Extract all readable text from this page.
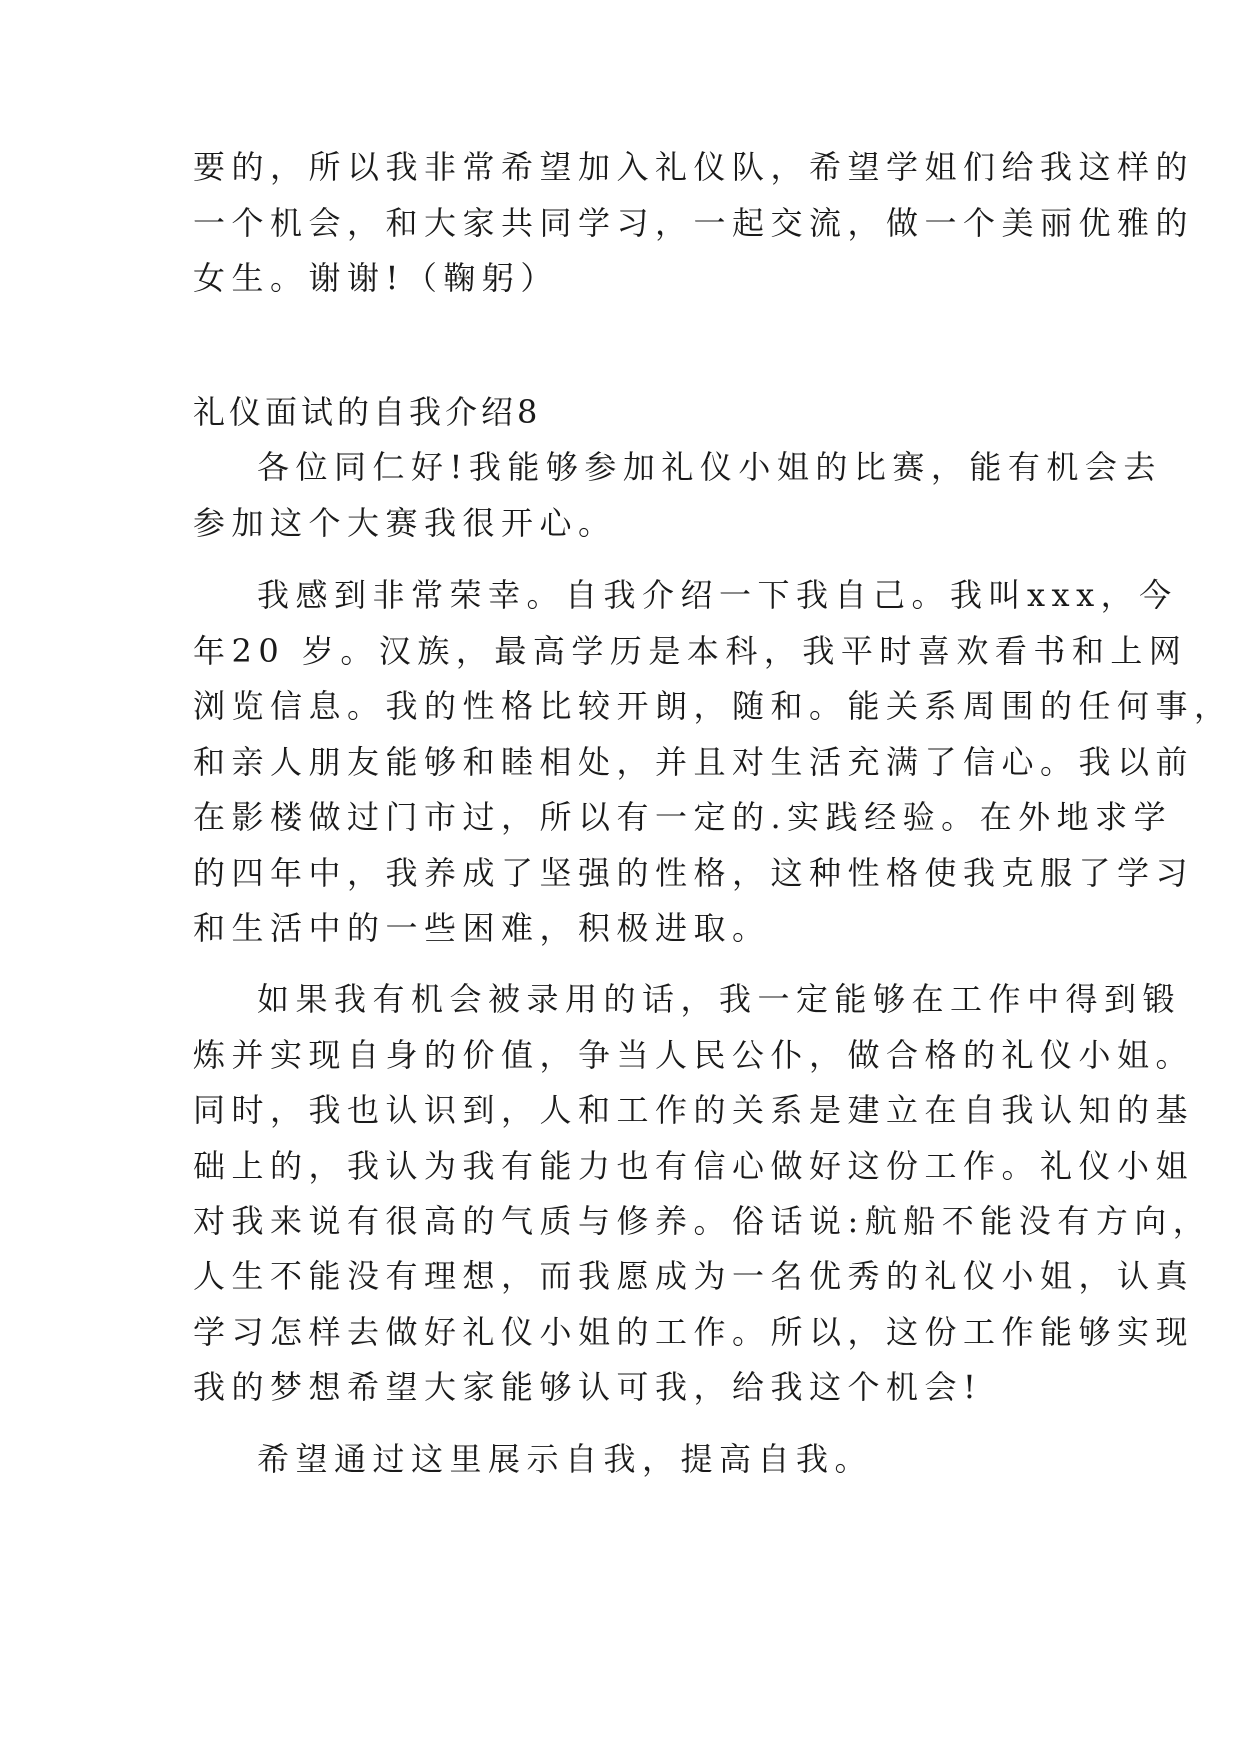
要的，所以我非常希望加入礼仪队，希望学姐们给我这样的
一个机会，和大家共同学习，一起交流，做一个美丽优雅的
女生。谢谢!（鞠躬）
礼仪面试的自我介绍8
各位同仁好!我能够参加礼仪小姐的比赛，能有机会去
参加这个大赛我很开心。
我感到非常荣幸。自我介绍一下我自己。我叫xxx，今
年20 岁。汉族，最高学历是本科，我平时喜欢看书和上网
浏览信息。我的性格比较开朗，随和。能关系周围的任何事，
和亲人朋友能够和睦相处，并且对生活充满了信心。我以前
在影楼做过门市过，所以有一定的.实践经验。在外地求学
的四年中，我养成了坚强的性格，这种性格使我克服了学习
和生活中的一些困难，积极进取。
如果我有机会被录用的话，我一定能够在工作中得到锻
炼并实现自身的价值，争当人民公仆，做合格的礼仪小姐。
同时，我也认识到，人和工作的关系是建立在自我认知的基
础上的，我认为我有能力也有信心做好这份工作。礼仪小姐
对我来说有很高的气质与修养。俗话说:航船不能没有方向，
人生不能没有理想，而我愿成为一名优秀的礼仪小姐，认真
学习怎样去做好礼仪小姐的工作。所以，这份工作能够实现
我的梦想希望大家能够认可我，给我这个机会!
希望通过这里展示自我，提高自我。
